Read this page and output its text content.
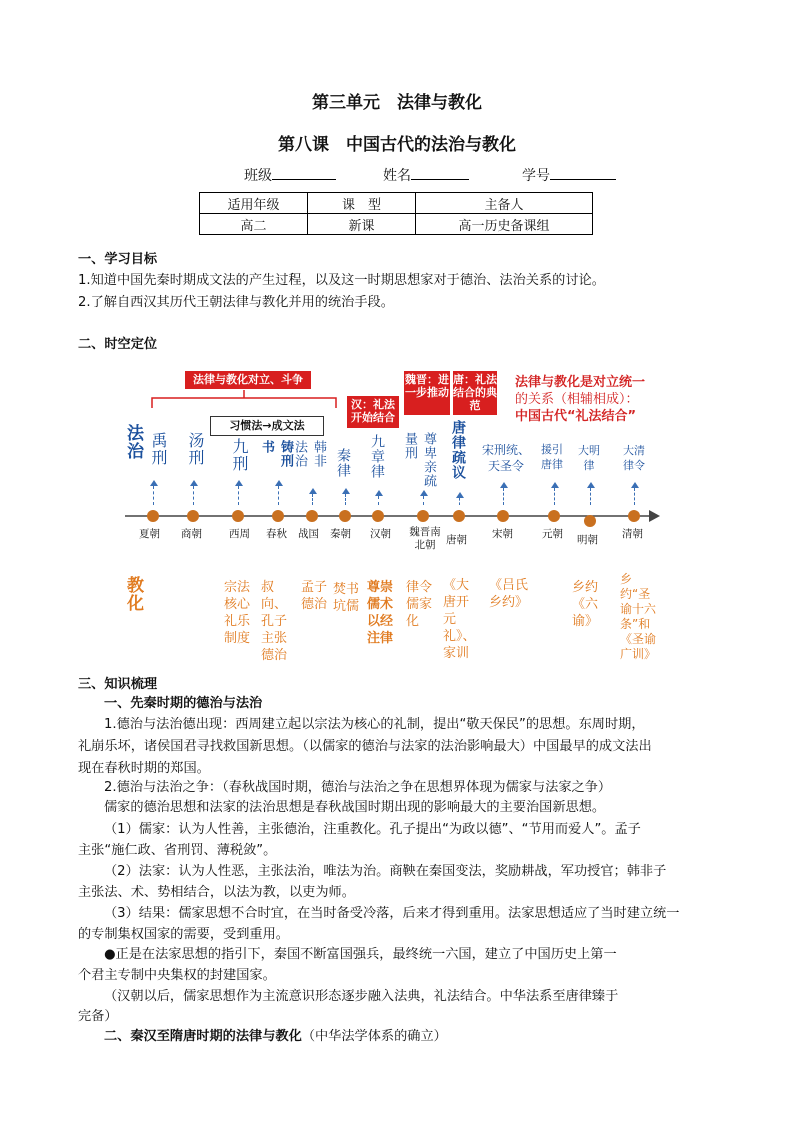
第三单元　法律与教化
第八课　中国古代的法治与教化
班级	姓名	学号
适用年级	课　型	主备人
高二	新课	高一历史备课组
一、学习目标
1.知道中国先秦时期成文法的产生过程，以及这一时期思想家对于德治、法治关系的讨论。
2.了解自西汉其历代王朝法律与教化并用的统治手段。
二、时空定位
法律与教化对立、斗争
习惯法→成文法
汉：礼法开始结合
魏晋：进一步推动
唐：礼法结合的典范
法律与教化是对立统一
的关系（相辅相成）：
中国古代“礼法结合”
法治
教化
禹刑 汤刑 九刑	铸刑书	韩非法治	秦律 九章律	尊卑亲疏量刑	唐律疏议 宋刑统、天圣令
援引唐律
大明律
大清律令
夏朝 商朝	西周 春秋 战国 秦朝 汉朝 魏晋南北朝	唐朝 宋朝	元朝 明朝 清朝
宗法核心礼乐制度
叔向、孔子主张德治
孟子德治
焚书坑儒
尊崇儒术以经注律
律令儒家化
《大唐开元礼》、家训
《吕氏乡约》
乡约《六谕》
乡约“圣谕十六条”和《圣谕广训》
三、知识梳理
一、先秦时期的德治与法治
1.德治与法治德出现：西周建立起以宗法为核心的礼制，提出“敬天保民”的思想。东周时期，
礼崩乐坏，诸侯国君寻找救国新思想。（以儒家的德治与法家的法治影响最大）中国最早的成文法出
现在春秋时期的郑国。
2.德治与法治之争：（春秋战国时期，德治与法治之争在思想界体现为儒家与法家之争）
儒家的德治思想和法家的法治思想是春秋战国时期出现的影响最大的主要治国新思想。
（1）儒家：认为人性善，主张德治，注重教化。孔子提出“为政以德”、“节用而爱人”。孟子
主张“施仁政、省刑罚、薄税敛”。
（2）法家：认为人性恶，主张法治，唯法为治。商鞅在秦国变法，奖励耕战，军功授官；韩非子
主张法、术、势相结合，以法为教，以吏为师。
（3）结果：儒家思想不合时宜，在当时备受冷落，后来才得到重用。法家思想适应了当时建立统一
的专制集权国家的需要，受到重用。
●正是在法家思想的指引下，秦国不断富国强兵，最终统一六国，建立了中国历史上第一
个君主专制中央集权的封建国家。
（汉朝以后，儒家思想作为主流意识形态逐步融入法典，礼法结合。中华法系至唐律臻于
完备）
二、秦汉至隋唐时期的法律与教化（中华法学体系的确立）
